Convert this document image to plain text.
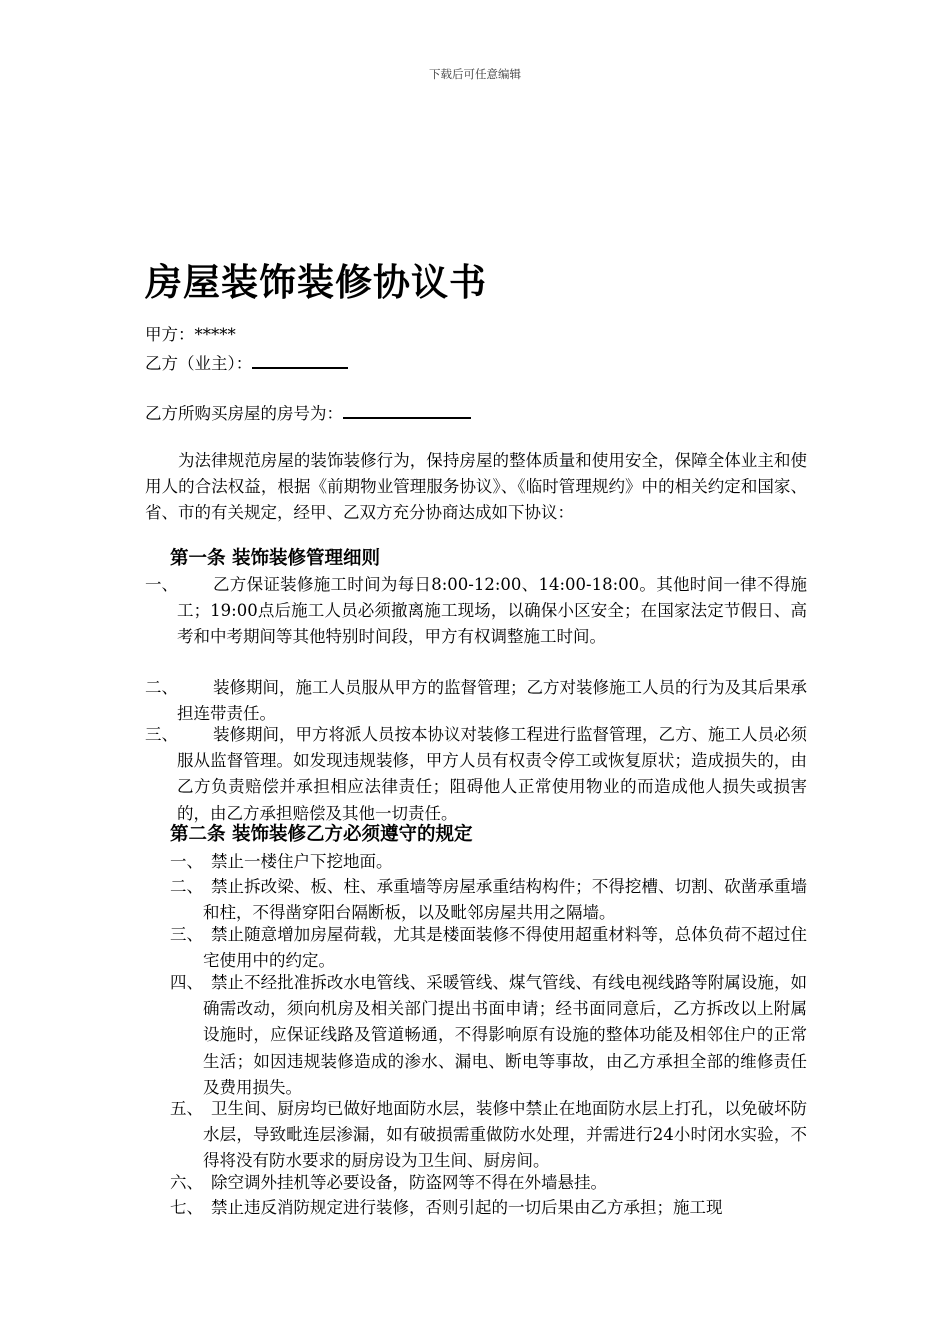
下载后可任意编辑
房屋装饰装修协议书
甲方：*****
乙方（业主）：
乙方所购买房屋的房号为：
为法律规范房屋的装饰装修行为，保持房屋的整体质量和使用安全，保障全体业主和使用人的合法权益，根据《前期物业管理服务协议》、《临时管理规约》中的相关约定和国家、省、市的有关规定，经甲、乙双方充分协商达成如下协议：
第一条 装饰装修管理细则
一、	乙方保证装修施工时间为每日8:00-12:00、14:00-18:00。其他时间一律不得施工；19:00点后施工人员必须撤离施工现场，以确保小区安全；在国家法定节假日、高考和中考期间等其他特别时间段，甲方有权调整施工时间。

二、	装修期间，施工人员服从甲方的监督管理；乙方对装修施工人员的行为及其后果承担连带责任。

三、	装修期间，甲方将派人员按本协议对装修工程进行监督管理，乙方、施工人员必须服从监督管理。如发现违规装修，甲方人员有权责令停工或恢复原状；造成损失的，由乙方负责赔偿并承担相应法律责任；阻碍他人正常使用物业的而造成他人损失或损害的，由乙方承担赔偿及其他一切责任。

第二条 装饰装修乙方必须遵守的规定
一、 禁止一楼住户下挖地面。

二、 禁止拆改梁、板、柱、承重墙等房屋承重结构构件；不得挖槽、切割、砍凿承重墙和柱，不得凿穿阳台隔断板，以及毗邻房屋共用之隔墙。

三、 禁止随意增加房屋荷载，尤其是楼面装修不得使用超重材料等，总体负荷不超过住宅使用中的约定。

四、 禁止不经批准拆改水电管线、采暖管线、煤气管线、有线电视线路等附属设施，如确需改动，须向机房及相关部门提出书面申请；经书面同意后，乙方拆改以上附属设施时，应保证线路及管道畅通，不得影响原有设施的整体功能及相邻住户的正常生活；如因违规装修造成的渗水、漏电、断电等事故，由乙方承担全部的维修责任及费用损失。

五、 卫生间、厨房均已做好地面防水层，装修中禁止在地面防水层上打孔，以免破坏防水层，导致毗连层渗漏，如有破损需重做防水处理，并需进行24小时闭水实验，不得将没有防水要求的厨房设为卫生间、厨房间。

六、 除空调外挂机等必要设备，防盗网等不得在外墙悬挂。

七、 禁止违反消防规定进行装修，否则引起的一切后果由乙方承担；施工现
